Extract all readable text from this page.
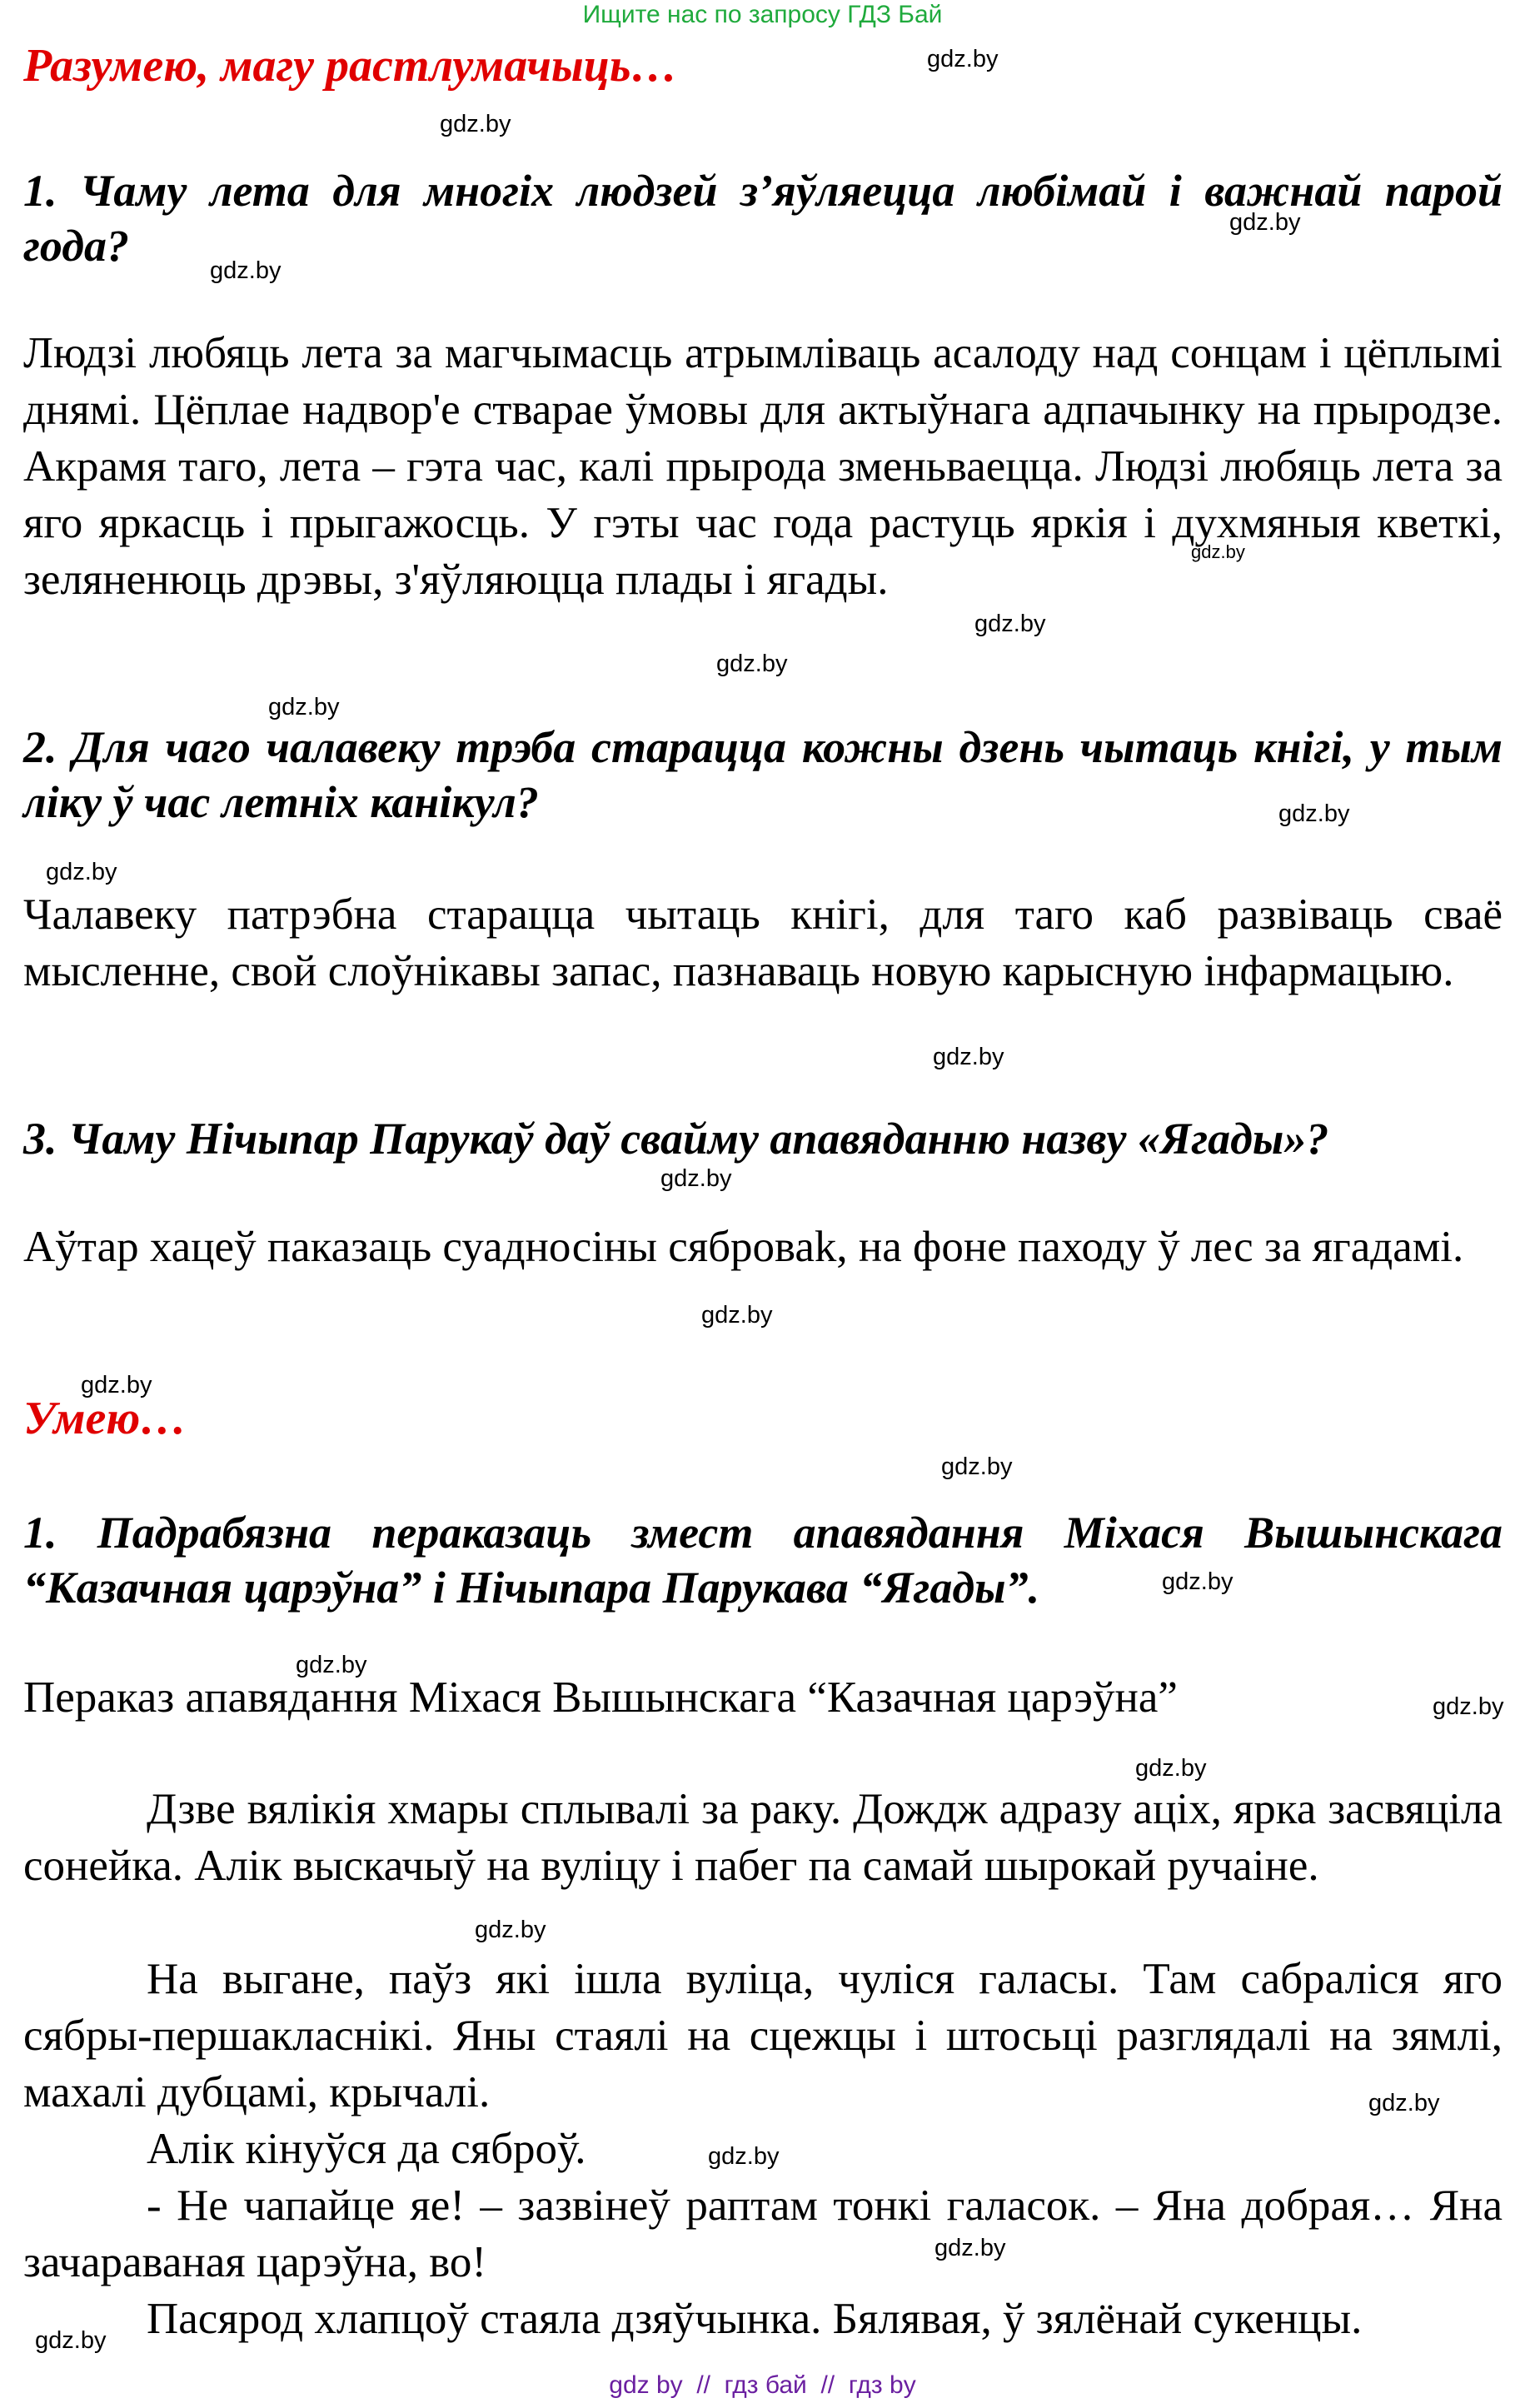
Ищите нас по запросу ГДЗ Бай
Разумею, магу растлумачыць…
1. Чаму лета для многіх людзей з’яўляецца любімай і важнай парой года?
Людзі любяць лета за магчымасць атрымліваць асалоду над сонцам і цёплымі днямі. Цёплае надвор'е стварае ўмовы для актыўнага адпачынку на прыродзе. Акрамя таго, лета – гэта час, калі прырода зменьваецца. Людзі любяць лета за яго яркасць і прыгажосць. У гэты час года растуць яркія і духмяныя кветкі, зеляненюць дрэвы, з'яўляюцца плады і ягады.
2. Для чаго чалавеку трэба старацца кожны дзень чытаць кнігі, у тым ліку ў час летніх канікул?
Чалавеку патрэбна старацца чытаць кнігі, для таго каб развіваць сваё мысленне, свой слоўнікавы запас, пазнаваць новую карысную інфармацыю.
3. Чаму Нічыпар Парукаў даў свайму апавяданню назву «Ягады»?
Аўтар хацеў паказаць суадносіны сяброваk, на фоне паходу ў лес за ягадамі.
Умею…
1. Падрабязна пераказаць змест апавядання Міхася Вышынскага “Казачная царэўна” і Нічыпара Парукава “Ягады”.
Пераказ апавядання Міхася Вышынскага “Казачная царэўна”
Дзве вялікія хмары сплывалі за раку. Дождж адразу аціх, ярка засвяціла сонейка. Алік выскачыў на вуліцу і пабег па самай шырокай ручаіне.
На выгане, паўз які ішла вуліца, чуліся галасы. Там сабраліся яго сябры-першакласнікі. Яны стаялі на сцежцы і штосьці разглядалі на зямлі, махалі дубцамі, крычалі.
Алік кінуўся да сяброў.
- Не чапайце яе! – зазвінеў раптам тонкі галасок. – Яна добрая… Яна зачараваная царэўна, во!
Пасярод хлапцоў стаяла дзяўчынка. Бялявая, ў зялёнай сукенцы.
gdz.by
gdz.by
gdz.by
gdz.by
gdz.by
gdz.by
gdz.by
gdz.by
gdz.by
gdz.by
gdz.by
gdz.by
gdz.by
gdz.by
gdz.by
gdz.by
gdz.by
gdz.by
gdz.by
gdz.by
gdz.by
gdz.by
gdz.by
gdz.by
gdz by  //  гдз бай  //  гдз by
